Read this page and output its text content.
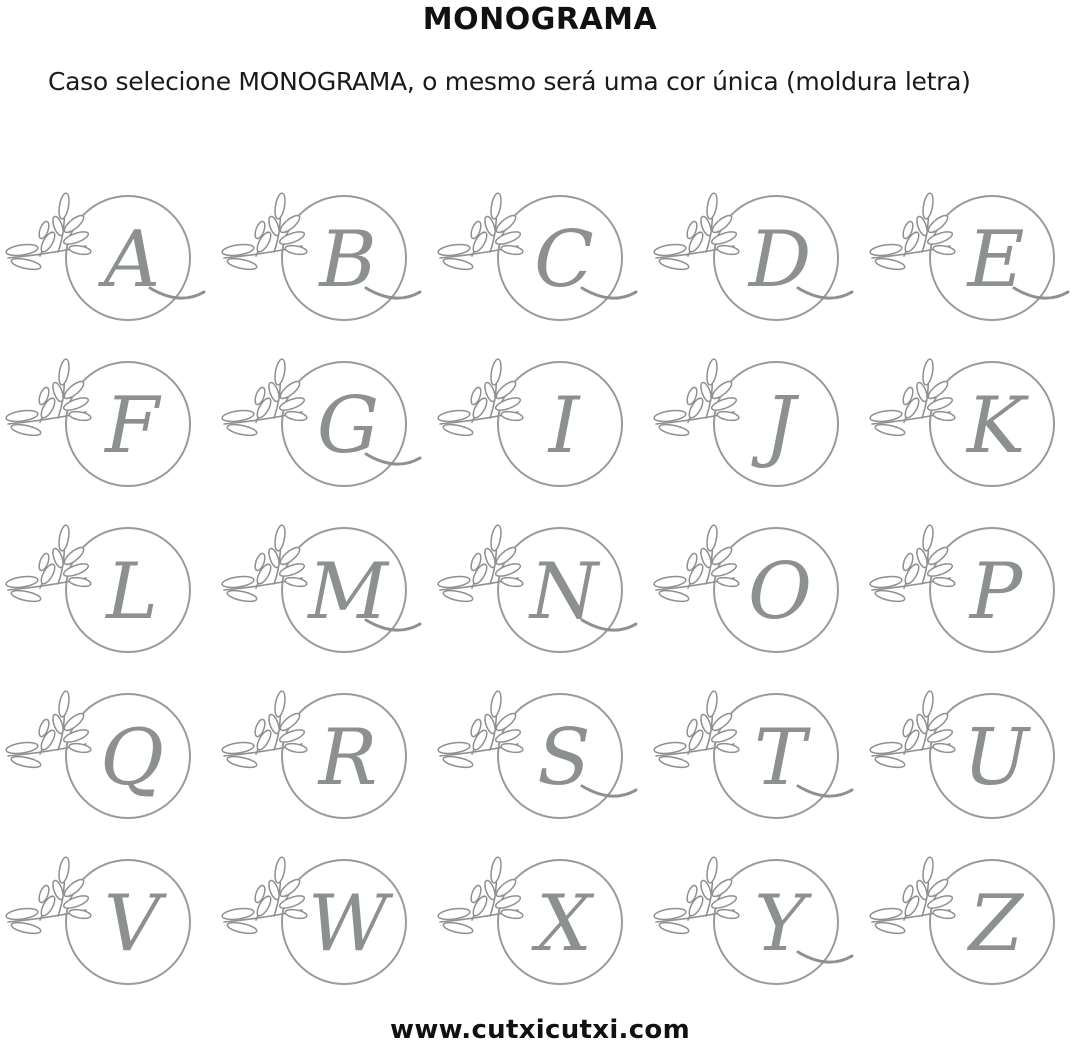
MONOGRAMA
Caso selecione MONOGRAMA, o mesmo será uma cor única (moldura letra)
A B C D E
F G I J K
L M N O P
Q R S T U
V W X Y Z
www.cutxicutxi.com
